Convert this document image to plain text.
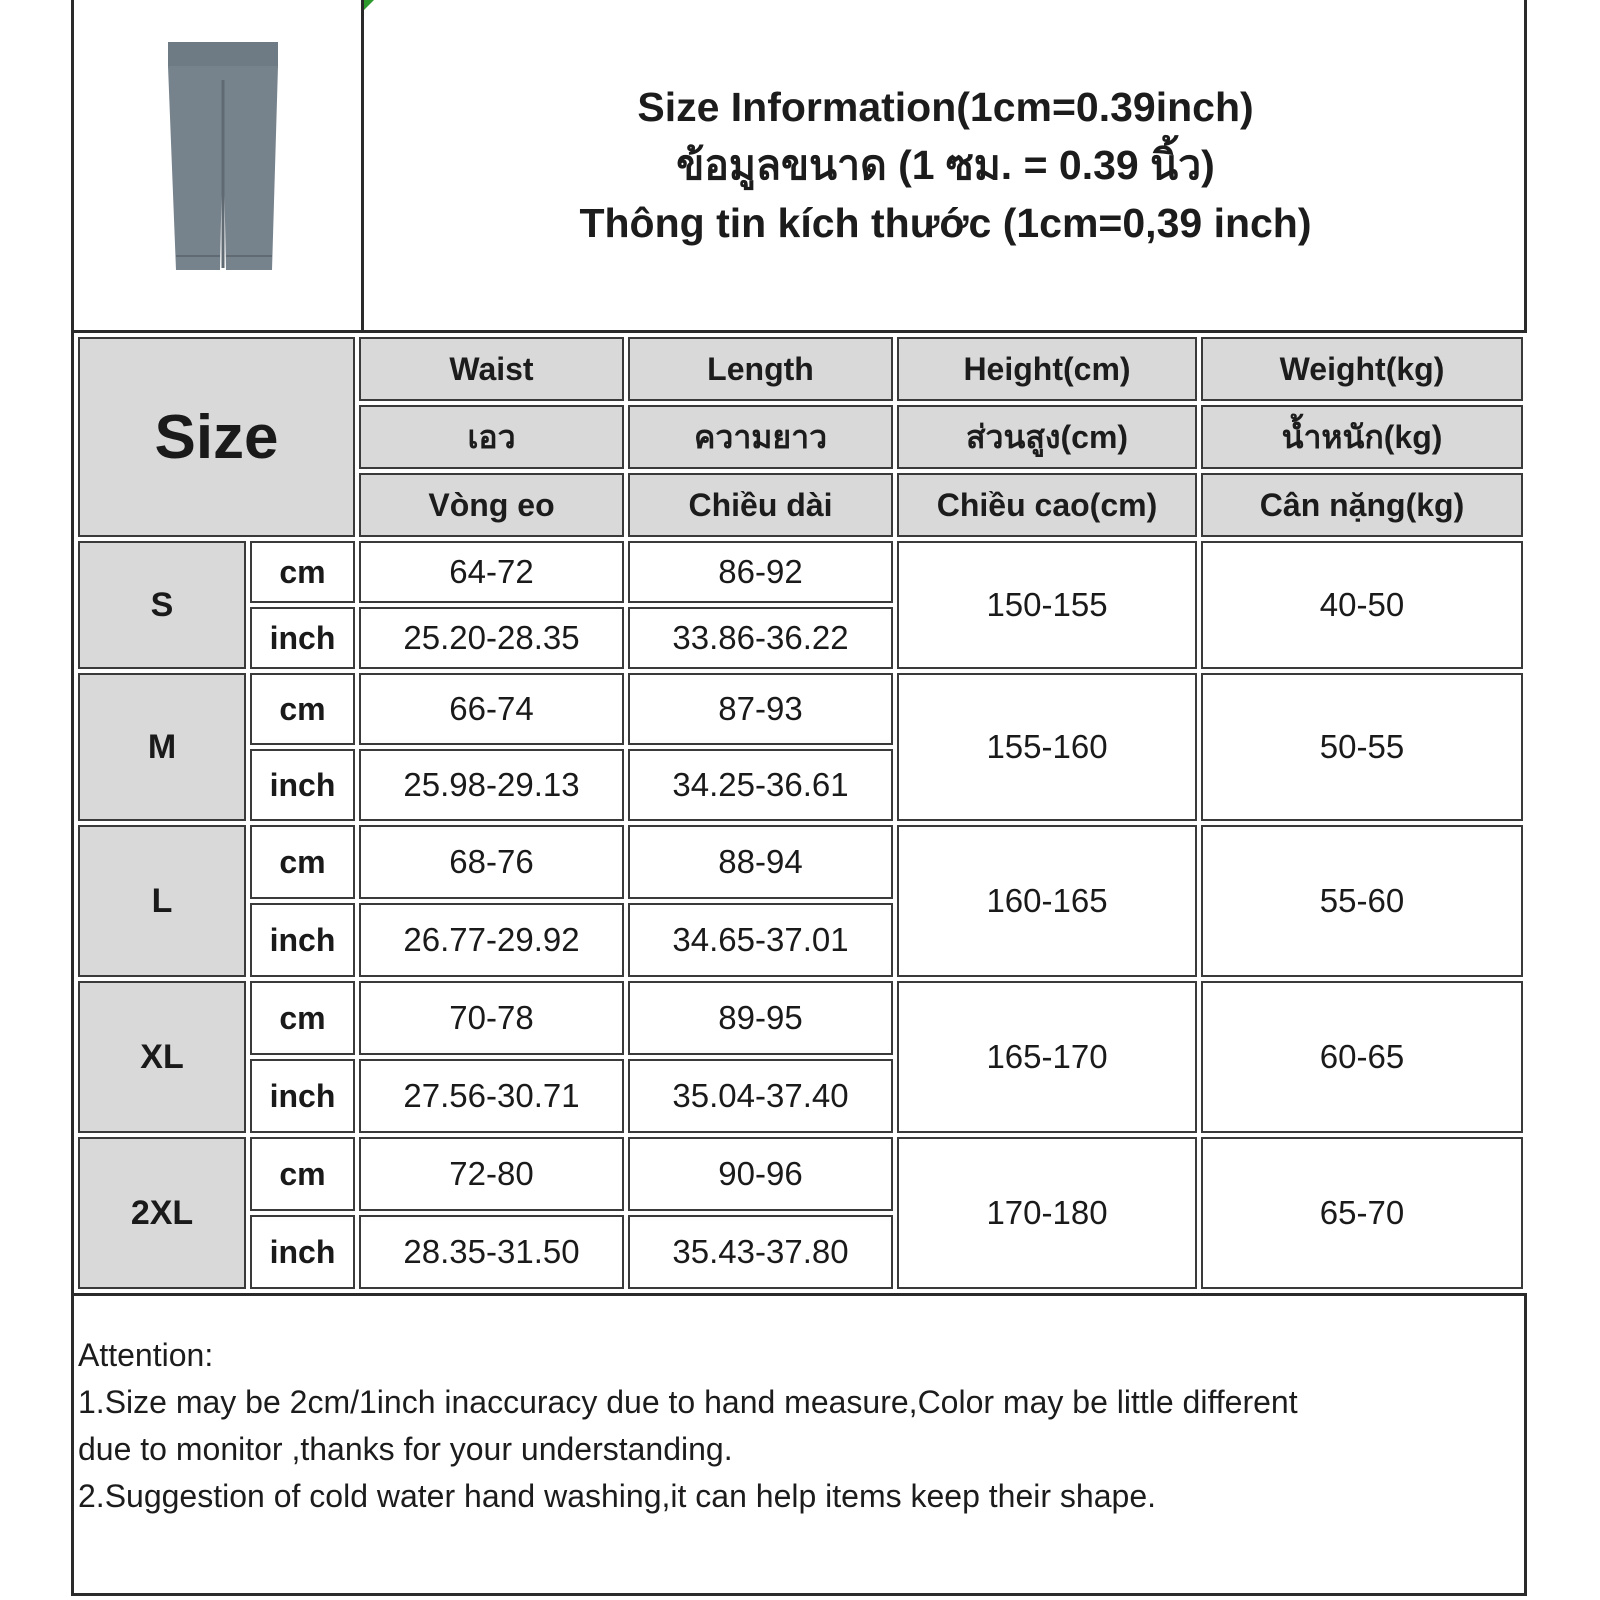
Size Information(1cm=0.39inch)
ข้อมูลขนาด (1 ซม. = 0.39 นิ้ว)
Thông tin kích thước (1cm=0,39 inch)
Size		Waist	Length	Height(cm)	Weight(kg)
		เอว	ความยาว	ส่วนสูง(cm)	น้ำหนัก(kg)
		Vòng eo	Chiều dài	Chiều cao(cm)	Cân nặng(kg)
S	cm	64-72	86-92	150-155	40-50
	inch	25.20-28.35	33.86-36.22		
M	cm	66-74	87-93	155-160	50-55
	inch	25.98-29.13	34.25-36.61		
L	cm	68-76	88-94	160-165	55-60
	inch	26.77-29.92	34.65-37.01		
XL	cm	70-78	89-95	165-170	60-65
	inch	27.56-30.71	35.04-37.40		
2XL	cm	72-80	90-96	170-180	65-70
	inch	28.35-31.50	35.43-37.80		
Attention:
1.Size may be 2cm/1inch inaccuracy due to hand measure,Color may be little different
due to monitor ,thanks for your understanding.
2.Suggestion of cold water hand washing,it can help items keep their shape.
